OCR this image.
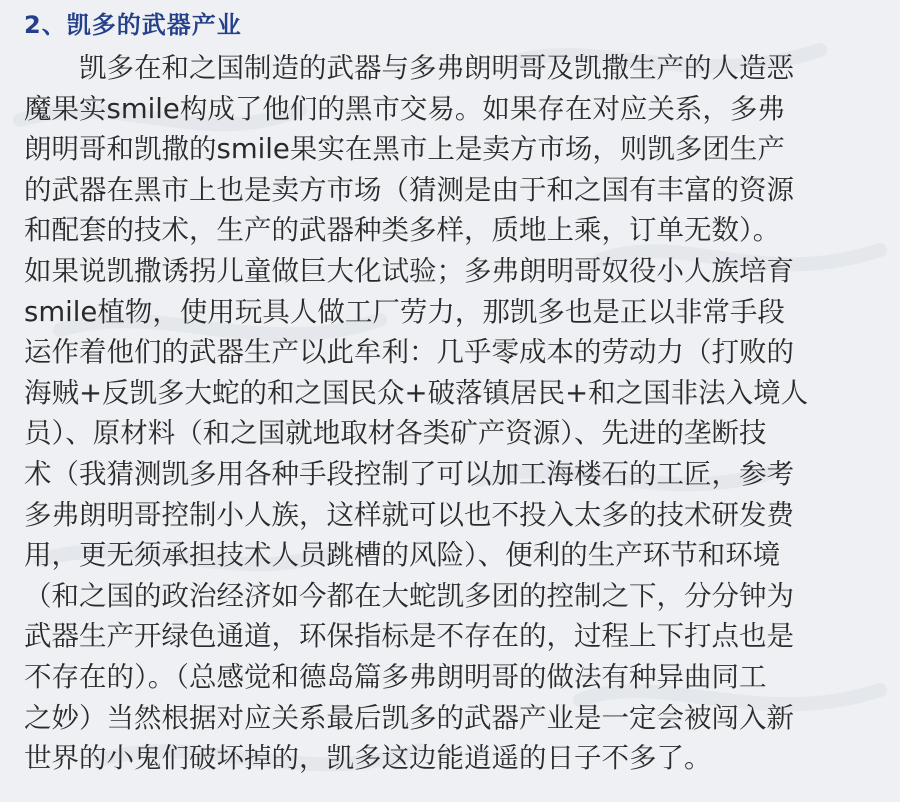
2、凯多的武器产业
　　凯多在和之国制造的武器与多弗朗明哥及凯撒生产的人造恶
魔果实smile构成了他们的黑市交易。如果存在对应关系，多弗
朗明哥和凯撒的smile果实在黑市上是卖方市场，则凯多团生产
的武器在黑市上也是卖方市场（猜测是由于和之国有丰富的资源
和配套的技术，生产的武器种类多样，质地上乘，订单无数）。
如果说凯撒诱拐儿童做巨大化试验；多弗朗明哥奴役小人族培育
smile植物，使用玩具人做工厂劳力，那凯多也是正以非常手段
运作着他们的武器生产以此牟利：几乎零成本的劳动力（打败的
海贼+反凯多大蛇的和之国民众+破落镇居民+和之国非法入境人
员）、原材料（和之国就地取材各类矿产资源）、先进的垄断技
术（我猜测凯多用各种手段控制了可以加工海楼石的工匠，参考
多弗朗明哥控制小人族，这样就可以也不投入太多的技术研发费
用，更无须承担技术人员跳槽的风险）、便利的生产环节和环境
（和之国的政治经济如今都在大蛇凯多团的控制之下，分分钟为
武器生产开绿色通道，环保指标是不存在的，过程上下打点也是
不存在的）。（总感觉和德岛篇多弗朗明哥的做法有种异曲同工
之妙）当然根据对应关系最后凯多的武器产业是一定会被闯入新
世界的小鬼们破坏掉的，凯多这边能逍遥的日子不多了。
